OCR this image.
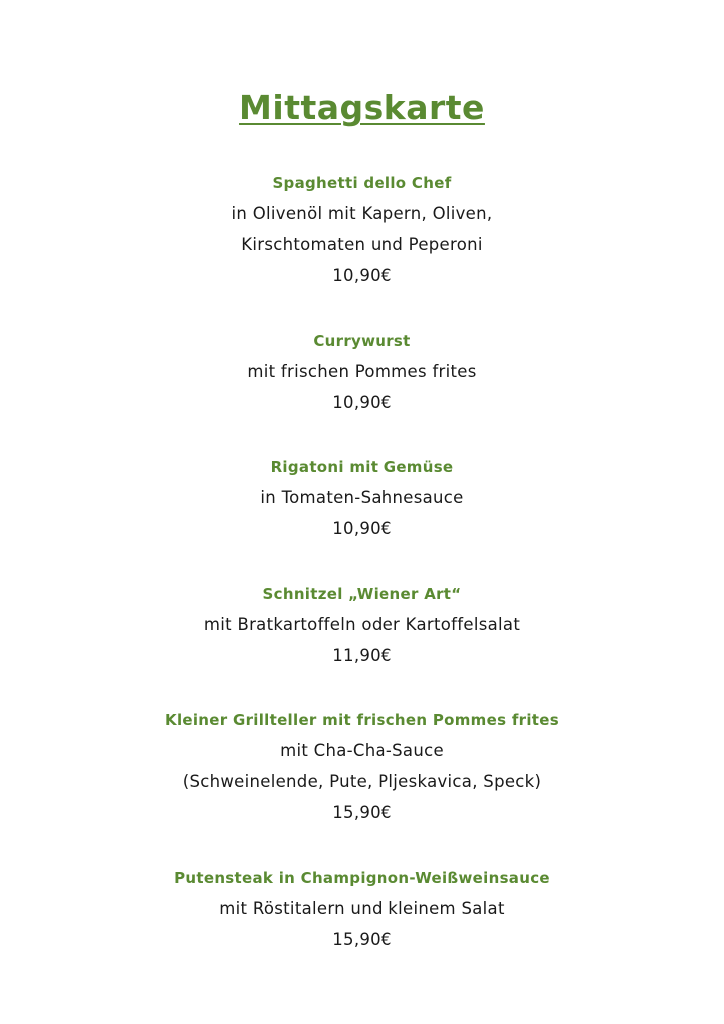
Mittagskarte
Spaghetti dello Chef
in Olivenöl mit Kapern, Oliven,
Kirschtomaten und Peperoni
10,90€
Currywurst
mit frischen Pommes frites
10,90€
Rigatoni mit Gemüse
in Tomaten-Sahnesauce
10,90€
Schnitzel „Wiener Art“
mit Bratkartoffeln oder Kartoffelsalat
11,90€
Kleiner Grillteller mit frischen Pommes frites
mit Cha-Cha-Sauce
(Schweinelende, Pute, Pljeskavica, Speck)
15,90€
Putensteak in Champignon-Weißweinsauce
mit Röstitalern und kleinem Salat
15,90€
